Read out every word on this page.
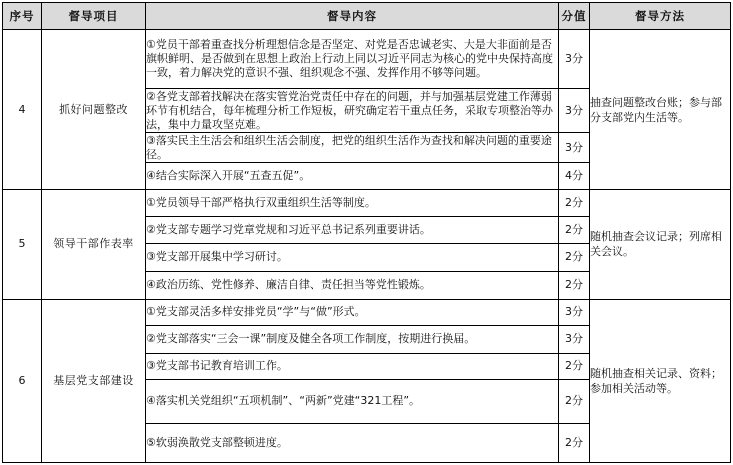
序号	督导项目	督导内容	分值	督导方法
4	抓好问题整改	①党员干部着重查找分析理想信念是否坚定、对党是否忠诚老实、大是大非面前是否旗帜鲜明、是否做到在思想上政治上行动上同以习近平同志为核心的党中央保持高度一致，着力解决党的意识不强、组织观念不强、发挥作用不够等问题。	3分	抽查问题整改台账；参与部分支部党内生活等。
		②各党支部着找解决在落实管党治党责任中存在的问题，并与加强基层党建工作薄弱环节有机结合，每年梳理分析工作短板，研究确定若干重点任务，采取专项整治等办法，集中力量攻坚克难。	3分	
		③落实民主生活会和组织生活会制度，把党的组织生活作为查找和解决问题的重要途径。	3分	
		④结合实际深入开展“五查五促”。	4分	
5	领导干部作表率	①党员领导干部严格执行双重组织生活等制度。	2分	随机抽查会议记录；列席相关会议。
		②党支部专题学习党章党规和习近平总书记系列重要讲话。	2分	
		③党支部开展集中学习研讨。	2分	
		④政治历练、党性修养、廉洁自律、责任担当等党性锻炼。	2分	
6	基层党支部建设	①党支部灵活多样安排党员“学”与“做”形式。	3分	随机抽查相关记录、资料；参加相关活动等。
		②党支部落实“三会一课”制度及健全各项工作制度，按期进行换届。	3分	
		③党支部书记教育培训工作。	2分	
		④落实机关党组织“五项机制”、“两新”党建“321工程”。	2分	
		⑤软弱涣散党支部整顿进度。	2分	
